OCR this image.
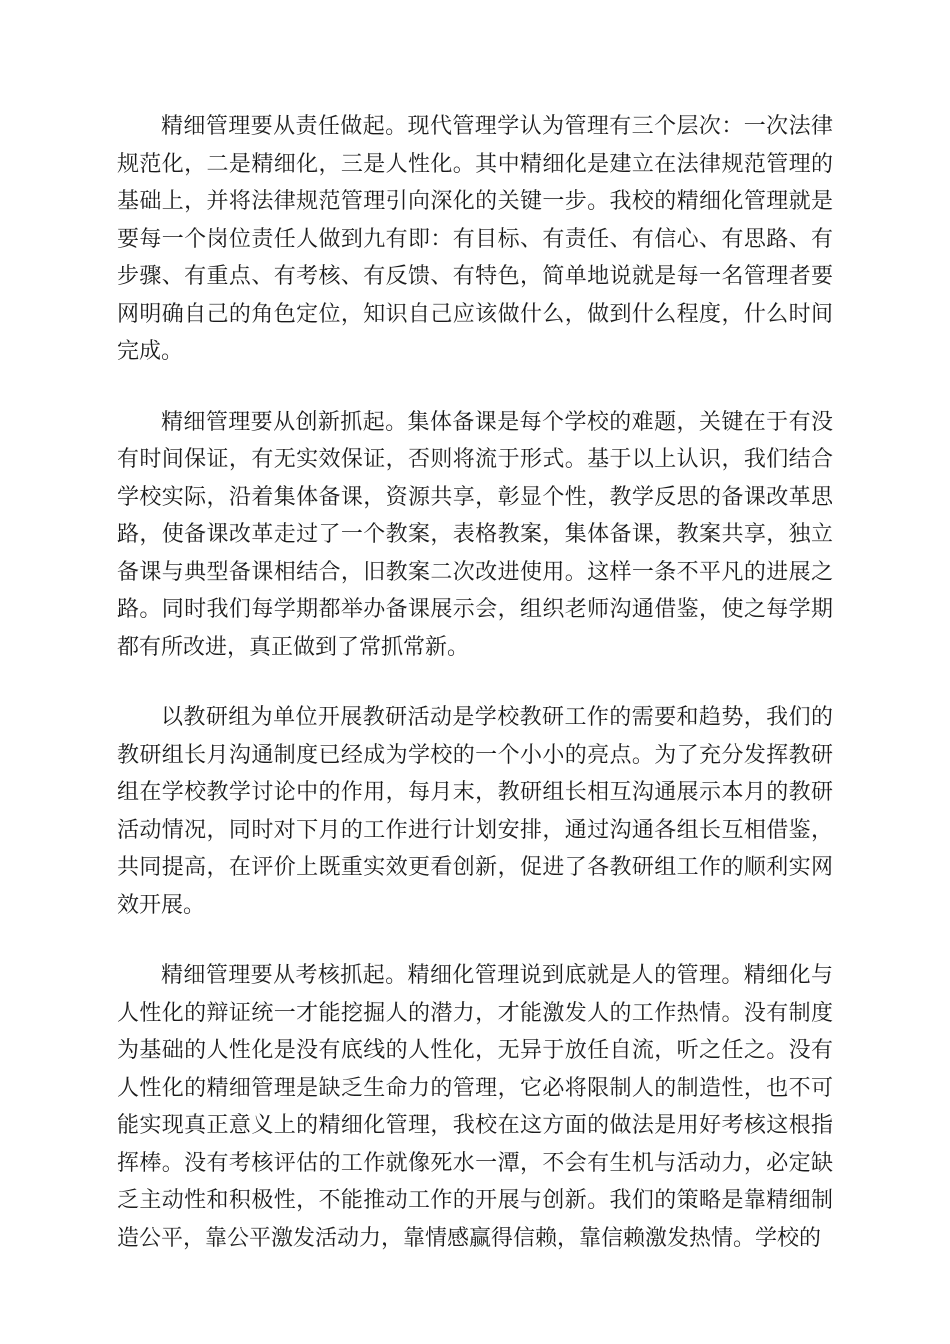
精细管理要从责任做起。现代管理学认为管理有三个层次：一次法律规范化，二是精细化，三是人性化。其中精细化是建立在法律规范管理的基础上，并将法律规范管理引向深化的关键一步。我校的精细化管理就是要每一个岗位责任人做到九有即：有目标、有责任、有信心、有思路、有步骤、有重点、有考核、有反馈、有特色，简单地说就是每一名管理者要网明确自己的角色定位，知识自己应该做什么，做到什么程度，什么时间完成。

精细管理要从创新抓起。集体备课是每个学校的难题，关键在于有没有时间保证，有无实效保证，否则将流于形式。基于以上认识，我们结合学校实际，沿着集体备课，资源共享，彰显个性，教学反思的备课改革思路，使备课改革走过了一个教案，表格教案，集体备课，教案共享，独立备课与典型备课相结合，旧教案二次改进使用。这样一条不平凡的进展之路。同时我们每学期都举办备课展示会，组织老师沟通借鉴，使之每学期都有所改进，真正做到了常抓常新。

以教研组为单位开展教研活动是学校教研工作的需要和趋势，我们的教研组长月沟通制度已经成为学校的一个小小的亮点。为了充分发挥教研组在学校教学讨论中的作用，每月末，教研组长相互沟通展示本月的教研活动情况，同时对下月的工作进行计划安排，通过沟通各组长互相借鉴，共同提高，在评价上既重实效更看创新，促进了各教研组工作的顺利实网效开展。

精细管理要从考核抓起。精细化管理说到底就是人的管理。精细化与人性化的辩证统一才能挖掘人的潜力，才能激发人的工作热情。没有制度为基础的人性化是没有底线的人性化，无异于放任自流，听之任之。没有人性化的精细管理是缺乏生命力的管理，它必将限制人的制造性，也不可能实现真正意义上的精细化管理，我校在这方面的做法是用好考核这根指挥棒。没有考核评估的工作就像死水一潭，不会有生机与活动力，必定缺乏主动性和积极性，不能推动工作的开展与创新。我们的策略是靠精细制造公平，靠公平激发活动力，靠情感赢得信赖，靠信赖激发热情。学校的
